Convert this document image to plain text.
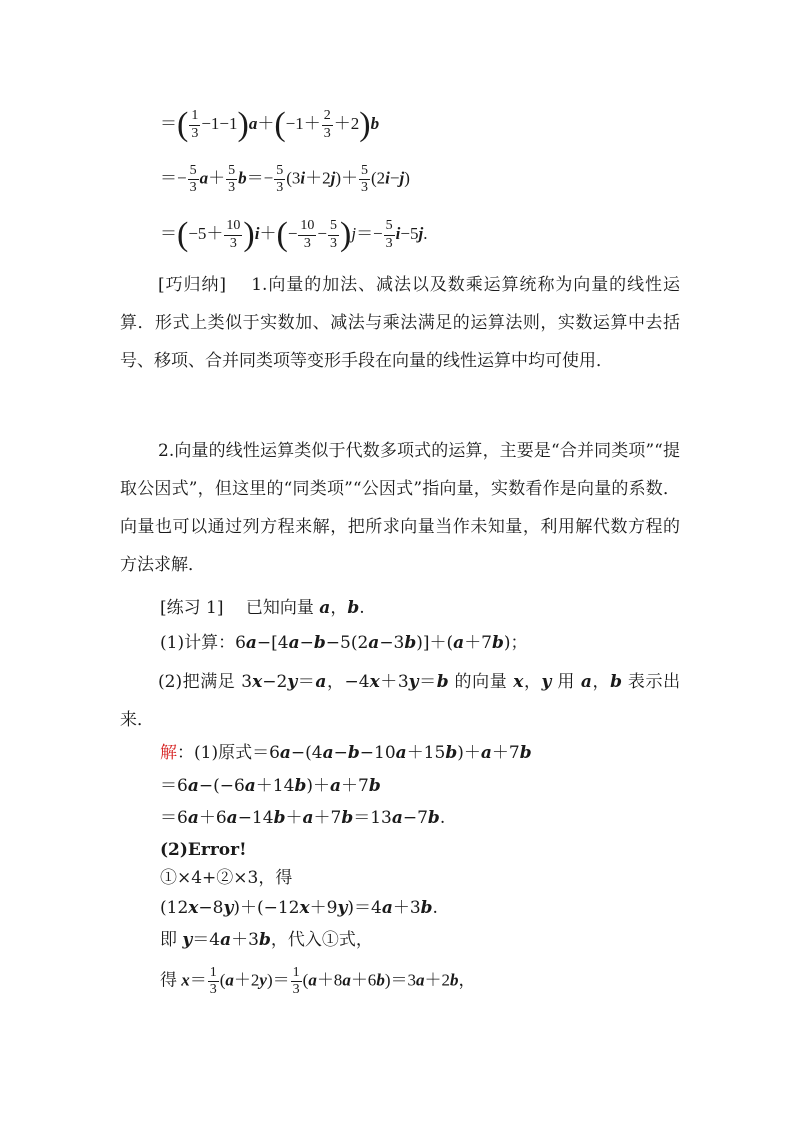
＝( $\frac{1}{3} -1-1)a+(-1+ \frac{2}{3} +2)b$
＝− $\frac{5}{3} a+ \frac{5}{3} b=- \frac{5}{3} (3i+2j)+ \frac{5}{3} (2i-j)$
$=(-5+ \frac{10}{3} )i+(- \frac{10}{3} - \frac{5}{3} )j=- \frac{5}{3} i-5j$.
[巧归纳]　 1.向量的加法、减法以及数乘运算统称为向量的线性运算．形式上类似于实数加、减法与乘法满足的运算法则，实数运算中去括号、移项、合并同类项等变形手段在向量的线性运算中均可使用．
2.向量的线性运算类似于代数多项式的运算，主要是“合并同类项”“提取公因式”，但这里的“同类项”“公因式”指向量，实数看作是向量的系数．向量也可以通过列方程来解，把所求向量当作未知量，利用解代数方程的方法求解．
[练习 1]　 已知向量 a，b.
(1)计算：6a−[4a−b−5(2a−3b)]＋(a＋7b)；
(2)把满足 3x−2y＝a，−4x＋3y＝b 的向量 x，y 用 a，b 表示出来．
解：(1)原式＝6a−(4a−b−10a＋15b)＋a＋7b
＝6a−(−6a＋14b)＋a＋7b
＝6a＋6a−14b＋a＋7b＝13a−7b.
(2)Error!
①×4+②×3，得
(12x−8y)＋(−12x＋9y)＝4a＋3b.
即 y＝4a＋3b，代入①式，
得 $x= \frac{1}{3} (a+2y)= \frac{1}{3} (a+8a+6b)=3a+2b$，
